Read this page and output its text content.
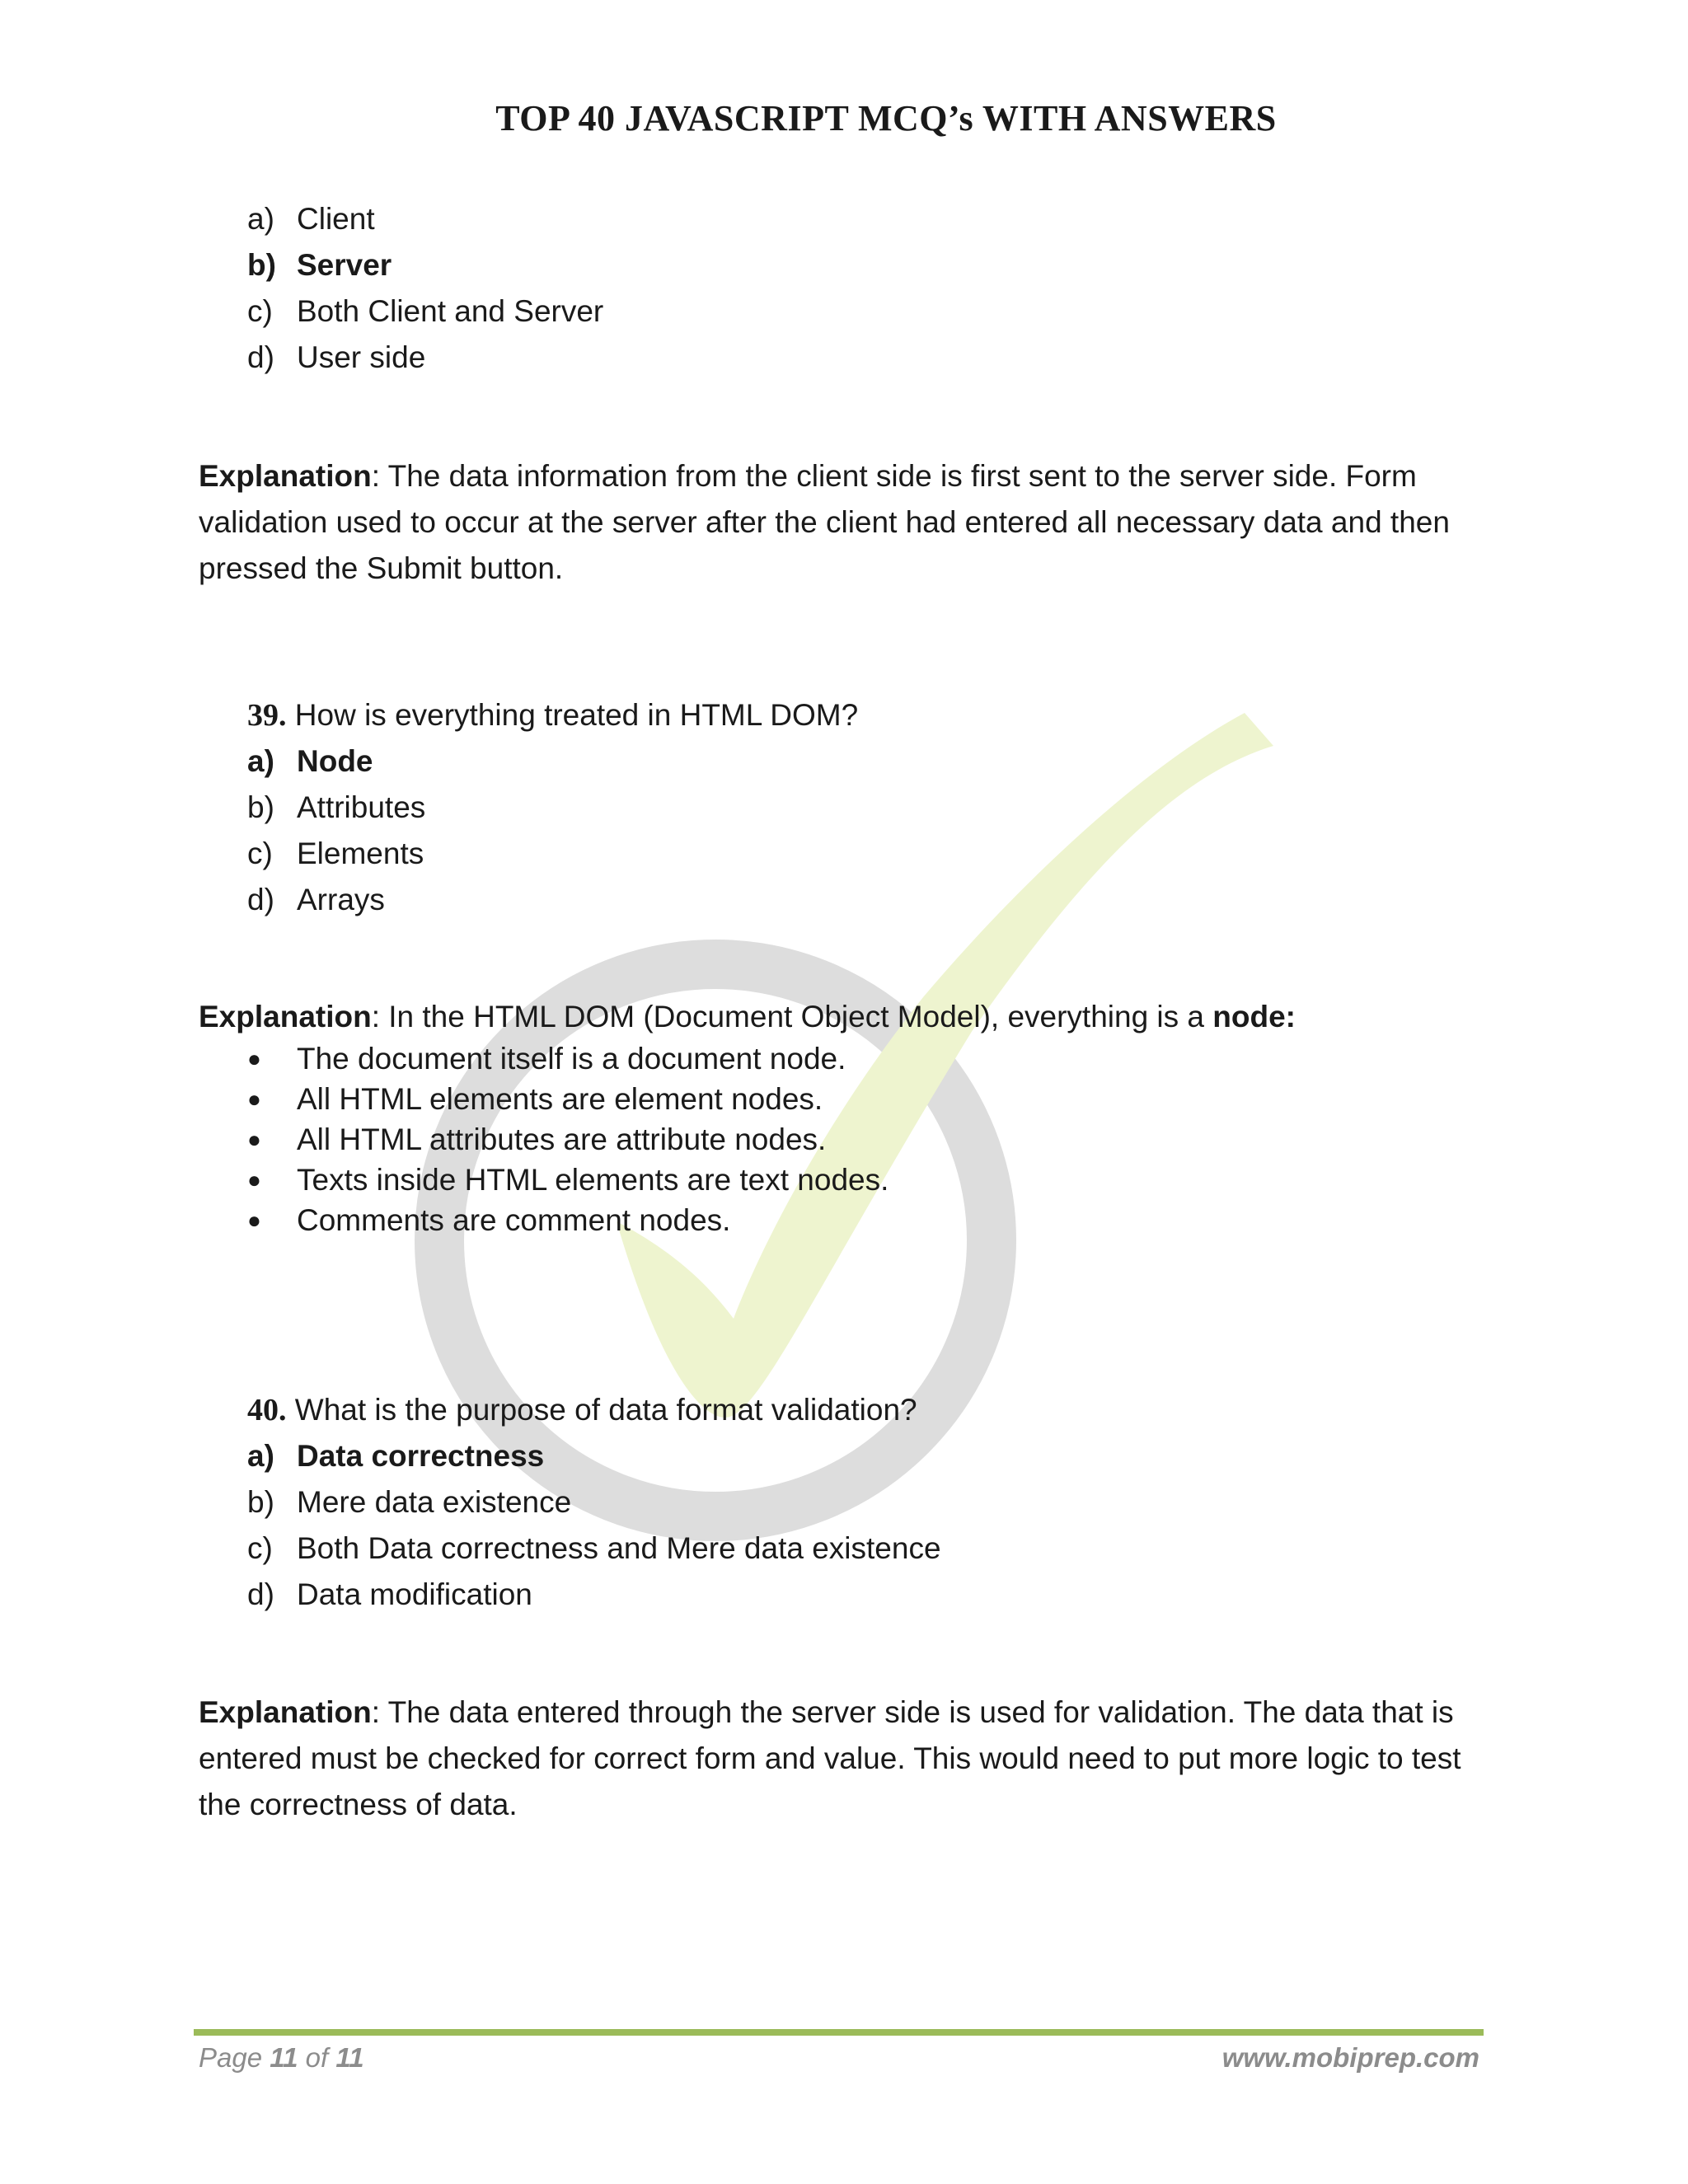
TOP 40 JAVASCRIPT MCQ’s WITH ANSWERS
a) Client
b) Server
c) Both Client and Server
d) User side

Explanation: The data information from the client side is first sent to the server side. Form validation used to occur at the server after the client had entered all necessary data and then pressed the Submit button.

39. How is everything treated in HTML DOM?

a) Node
b) Attributes
c) Elements
d) Arrays

Explanation: In the HTML DOM (Document Object Model), everything is a node:

●	The document itself is a document node.
●	All HTML elements are element nodes.
●	All HTML attributes are attribute nodes.
●	Texts inside HTML elements are text nodes.
●	Comments are comment nodes.

40. What is the purpose of data format validation?

a) Data correctness
b) Mere data existence
c) Both Data correctness and Mere data existence
d) Data modification

Explanation: The data entered through the server side is used for validation. The data that is entered must be checked for correct form and value. This would need to put more logic to test the correctness of data.

Page 11 of 11	www.mobiprep.com
